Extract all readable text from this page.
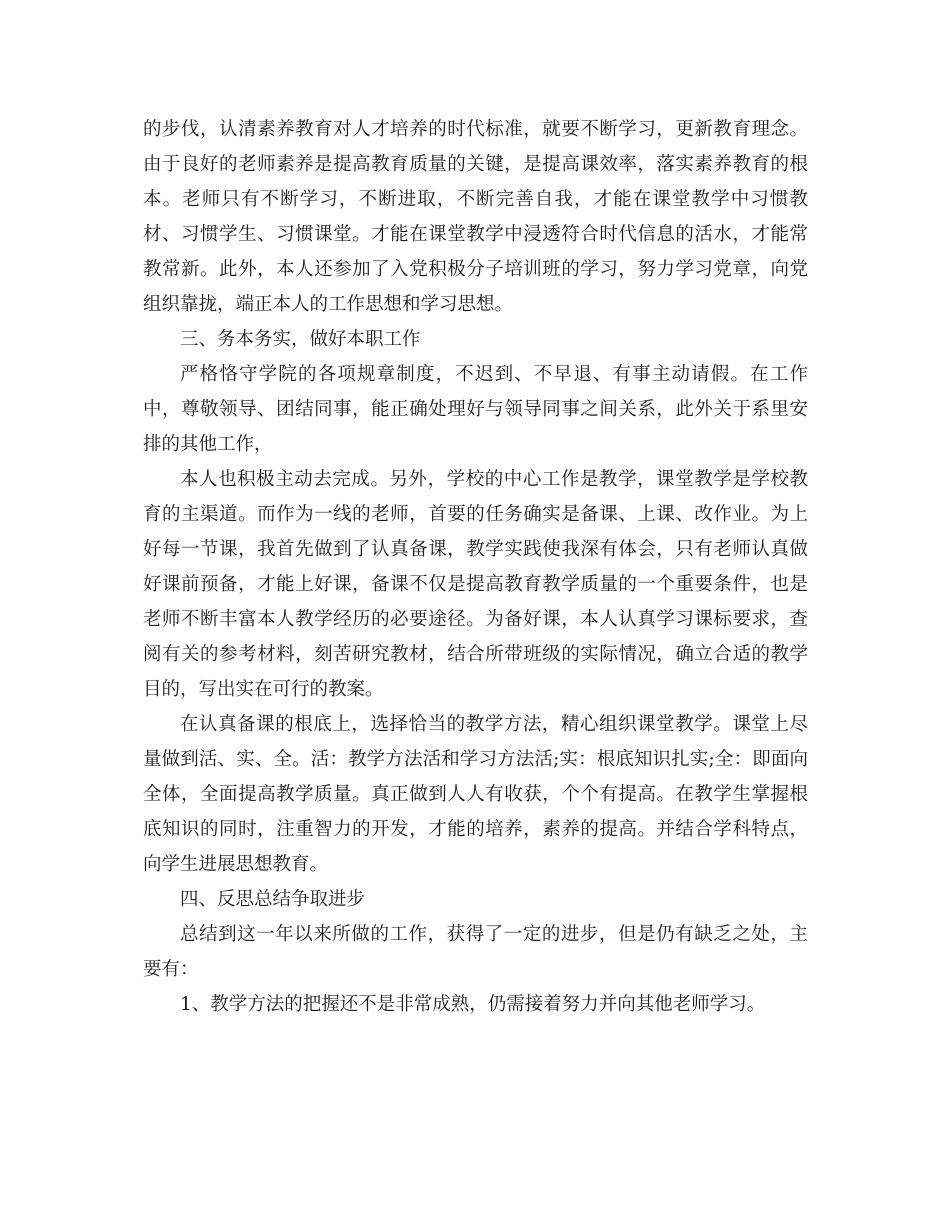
的步伐，认清素养教育对人才培养的时代标准，就要不断学习，更新教育理念。由于良好的老师素养是提高教育质量的关键，是提高课效率，落实素养教育的根本。老师只有不断学习，不断进取，不断完善自我，才能在课堂教学中习惯教材、习惯学生、习惯课堂。才能在课堂教学中浸透符合时代信息的活水，才能常教常新。此外，本人还参加了入党积极分子培训班的学习，努力学习党章，向党组织靠拢，端正本人的工作思想和学习思想。

三、务本务实，做好本职工作

严格恪守学院的各项规章制度，不迟到、不早退、有事主动请假。在工作中，尊敬领导、团结同事，能正确处理好与领导同事之间关系，此外关于系里安排的其他工作，

本人也积极主动去完成。另外，学校的中心工作是教学，课堂教学是学校教育的主渠道。而作为一线的老师，首要的任务确实是备课、上课、改作业。为上好每一节课，我首先做到了认真备课，教学实践使我深有体会，只有老师认真做好课前预备，才能上好课，备课不仅是提高教育教学质量的一个重要条件，也是老师不断丰富本人教学经历的必要途径。为备好课，本人认真学习课标要求，查阅有关的参考材料，刻苦研究教材，结合所带班级的实际情况，确立合适的教学目的，写出实在可行的教案。

在认真备课的根底上，选择恰当的教学方法，精心组织课堂教学。课堂上尽量做到活、实、全。活：教学方法活和学习方法活;实：根底知识扎实;全：即面向全体，全面提高教学质量。真正做到人人有收获，个个有提高。在教学生掌握根底知识的同时，注重智力的开发，才能的培养，素养的提高。并结合学科特点，向学生进展思想教育。

四、反思总结争取进步

总结到这一年以来所做的工作，获得了一定的进步，但是仍有缺乏之处，主要有：

1、教学方法的把握还不是非常成熟，仍需接着努力并向其他老师学习。
